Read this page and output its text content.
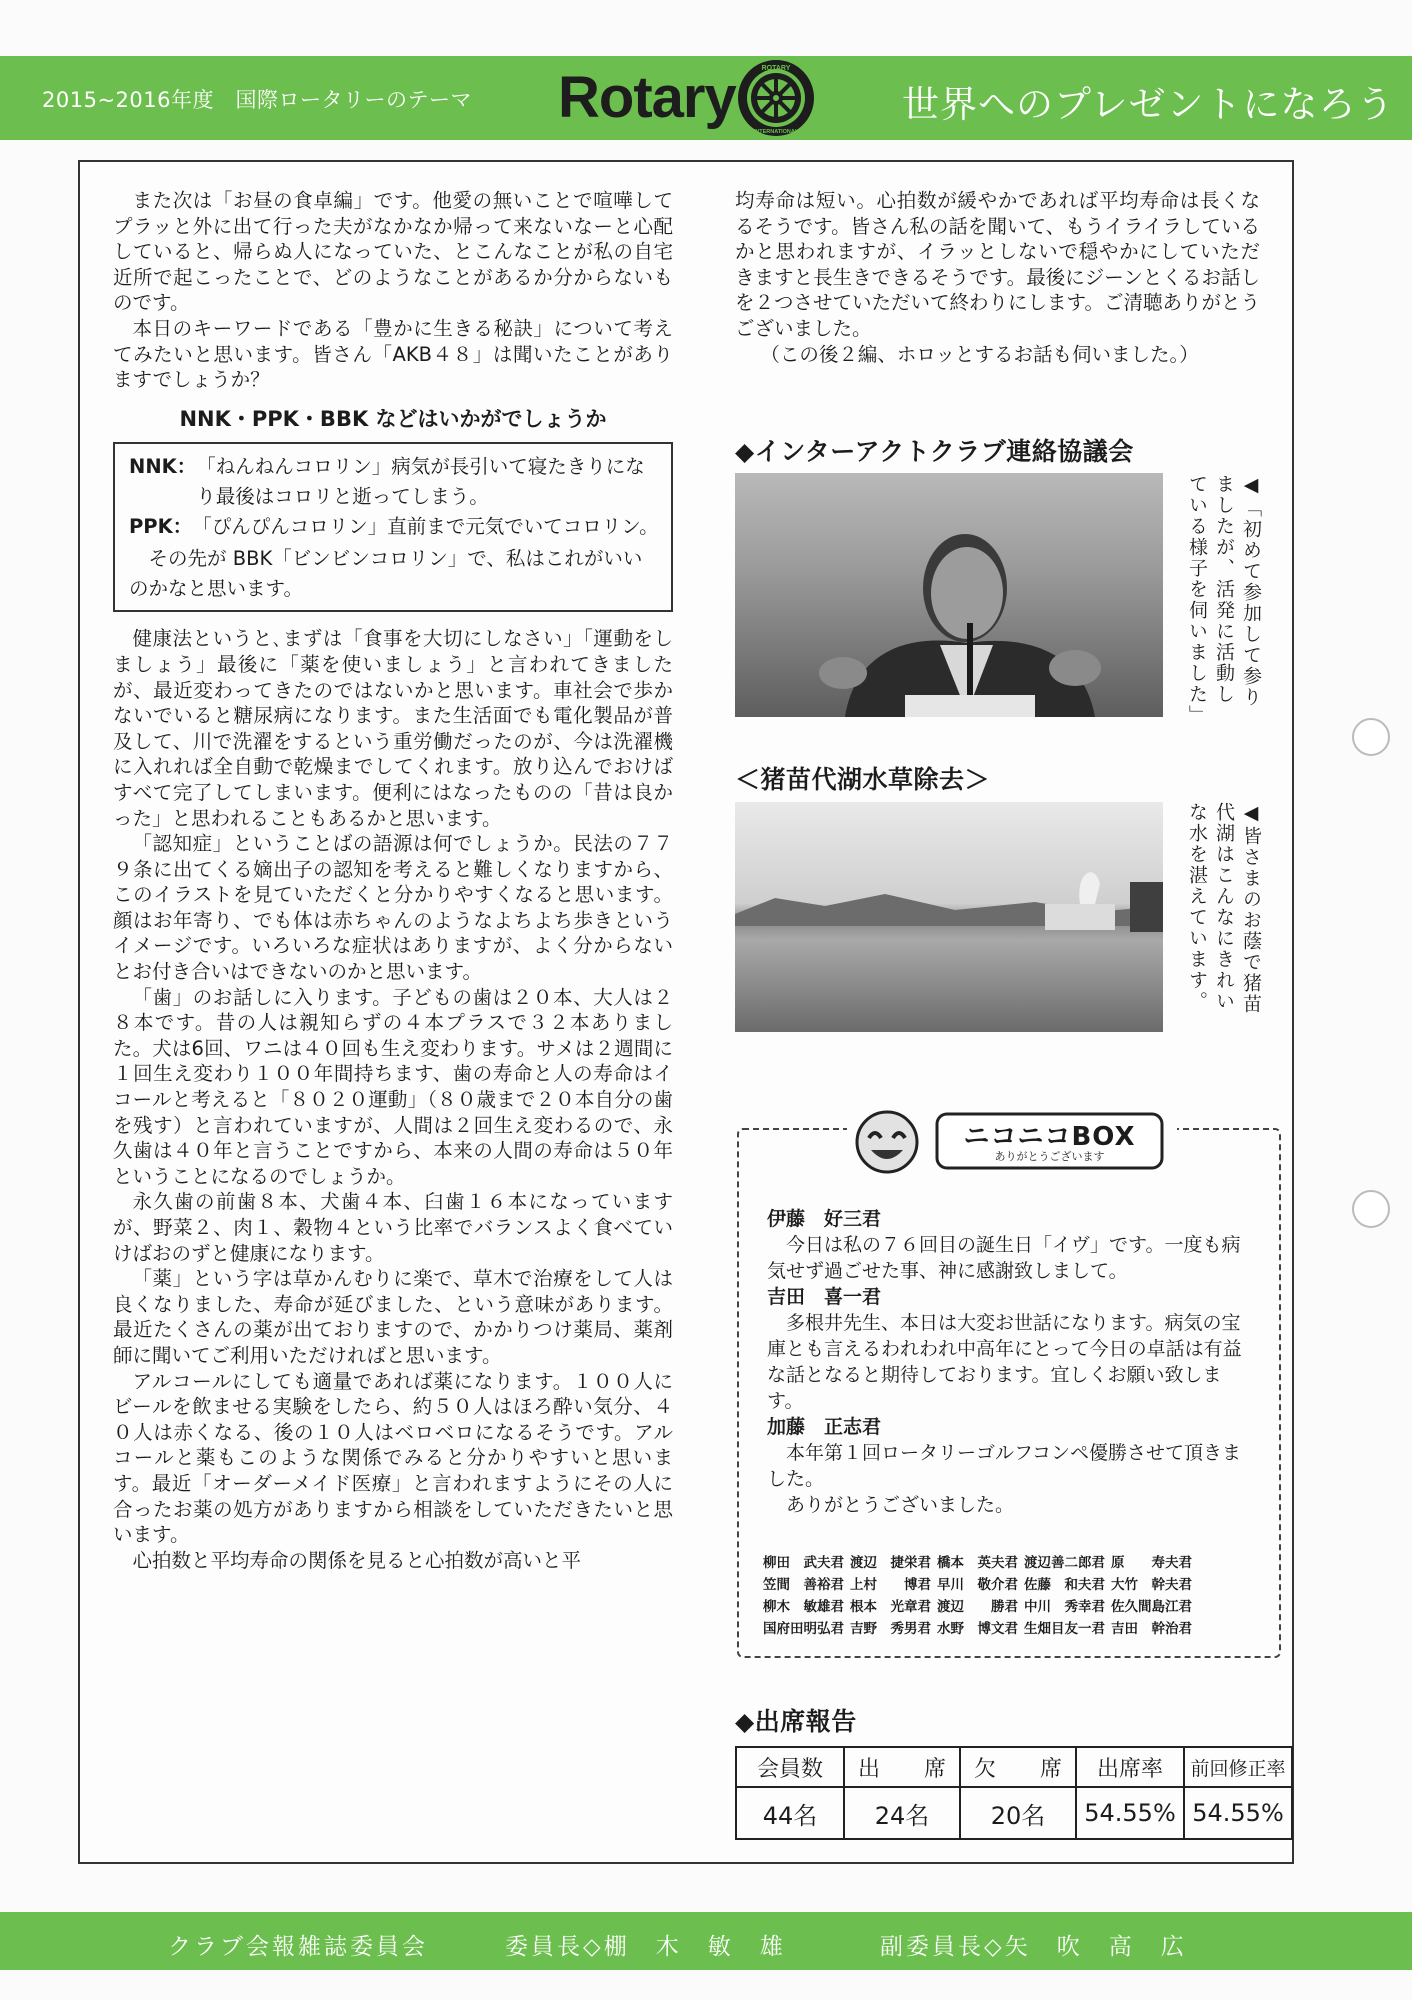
2015~2016年度　国際ロータリーのテーマ Rotary	ROTARY
INTERNATIONAL
世界へのプレゼントになろう

また次は「お昼の食卓編」です。他愛の無いことで喧嘩してプラッと外に出て行った夫がなかなか帰って来ないなーと心配していると、帰らぬ人になっていた、とこんなことが私の自宅近所で起こったことで、どのようなことがあるか分からないものです。

本日のキーワードである「豊かに生きる秘訣」について考えてみたいと思います。皆さん「AKB４８」は聞いたことがありますでしょうか？

NNK・PPK・BBK などはいかがでしょうか
NNK： 「ねんねんコロリン」病気が長引いて寝たきりになり最後はコロリと逝ってしまう。
PPK： 「ぴんぴんコロリン」直前まで元気でいてコロリン。
その先が BBK「ビンビンコロリン」で、私はこれがいいのかなと思います。

健康法というと､まずは「食事を大切にしなさい」「運動をしましょう」最後に「薬を使いましょう」と言われてきましたが、最近変わってきたのではないかと思います。車社会で歩かないでいると糖尿病になります。また生活面でも電化製品が普及して、川で洗濯をするという重労働だったのが、今は洗濯機に入れれば全自動で乾燥までしてくれます。放り込んでおけばすべて完了してしまいます。便利にはなったものの「昔は良かった」と思われることもあるかと思います。

「認知症」ということばの語源は何でしょうか。民法の７７９条に出てくる嫡出子の認知を考えると難しくなりますから、このイラストを見ていただくと分かりやすくなると思います。顔はお年寄り、でも体は赤ちゃんのようなよちよち歩きというイメージです。いろいろな症状はありますが、よく分からないとお付き合いはできないのかと思います。

「歯」のお話しに入ります。子どもの歯は２０本、大人は２８本です。昔の人は親知らずの４本プラスで３２本ありました。犬は6回、ワニは４０回も生え変わります。サメは２週間に１回生え変わり１００年間持ちます、歯の寿命と人の寿命はイコールと考えると「８０２０運動」（８０歳まで２０本自分の歯を残す）と言われていますが、人間は２回生え変わるので、永久歯は４０年と言うことですから、本来の人間の寿命は５０年ということになるのでしょうか。

永久歯の前歯８本、犬歯４本、臼歯１６本になっていますが、野菜２、肉１、穀物４という比率でバランスよく食べていけばおのずと健康になります。

「薬」という字は草かんむりに楽で、草木で治療をして人は良くなりました、寿命が延びました、という意味があります。最近たくさんの薬が出ておりますので、かかりつけ薬局、薬剤師に聞いてご利用いただければと思います。

アルコールにしても適量であれば薬になります。１００人にビールを飲ませる実験をしたら、約５０人はほろ酔い気分、４０人は赤くなる、後の１０人はベロベロになるそうです。アルコールと薬もこのような関係でみると分かりやすいと思います。最近「オーダーメイド医療」と言われますようにその人に合ったお薬の処方がありますから相談をしていただきたいと思います。

心拍数と平均寿命の関係を見ると心拍数が高いと平

均寿命は短い。心拍数が緩やかであれば平均寿命は長くなるそうです。皆さん私の話を聞いて、もうイライラしているかと思われますが、イラッとしないで穏やかにしていただきますと長生きできるそうです。最後にジーンとくるお話しを２つさせていただいて終わりにします。ご清聴ありがとうございました。

（この後２編、ホロッとするお話も伺いました。）

◆インターアクトクラブ連絡協議会
◀「初めて参加して参りましたが、活発に活動している様子を伺いました」
＜猪苗代湖水草除去＞
◀皆さまのお蔭で猪苗代湖はこんなにきれいな水を湛えています。
ニコニコBOX
ありがとうございます
伊藤　好三君
今日は私の７６回目の誕生日「イヴ」です。一度も病気せず過ごせた事、神に感謝致しまして。
吉田　喜一君
多根井先生、本日は大変お世話になります。病気の宝庫とも言えるわれわれ中高年にとって今日の卓話は有益な話となると期待しております。宜しくお願い致します。
加藤　正志君
本年第１回ロータリーゴルフコンペ優勝させて頂きました。
ありがとうございました。
柳田　武夫君	渡辺　捷栄君	橋本　英夫君	渡辺善二郎君	原　　寿夫君
笠間　善裕君	上村　　博君	早川　敬介君	佐藤　和夫君	大竹　幹夫君
柳木　敏雄君	根本　光章君	渡辺　　勝君	中川　秀幸君	佐久間島江君
国府田明弘君	吉野　秀男君	水野　博文君	生畑目友一君	吉田　幹治君
◆出席報告
会員数	出　　席	欠　　席	出席率	前回修正率
44名	24名	20名	54.55%	54.55%
クラブ会報雑誌委員会	委員長◇棚　木　敏　雄	副委員長◇矢　吹　高　広
